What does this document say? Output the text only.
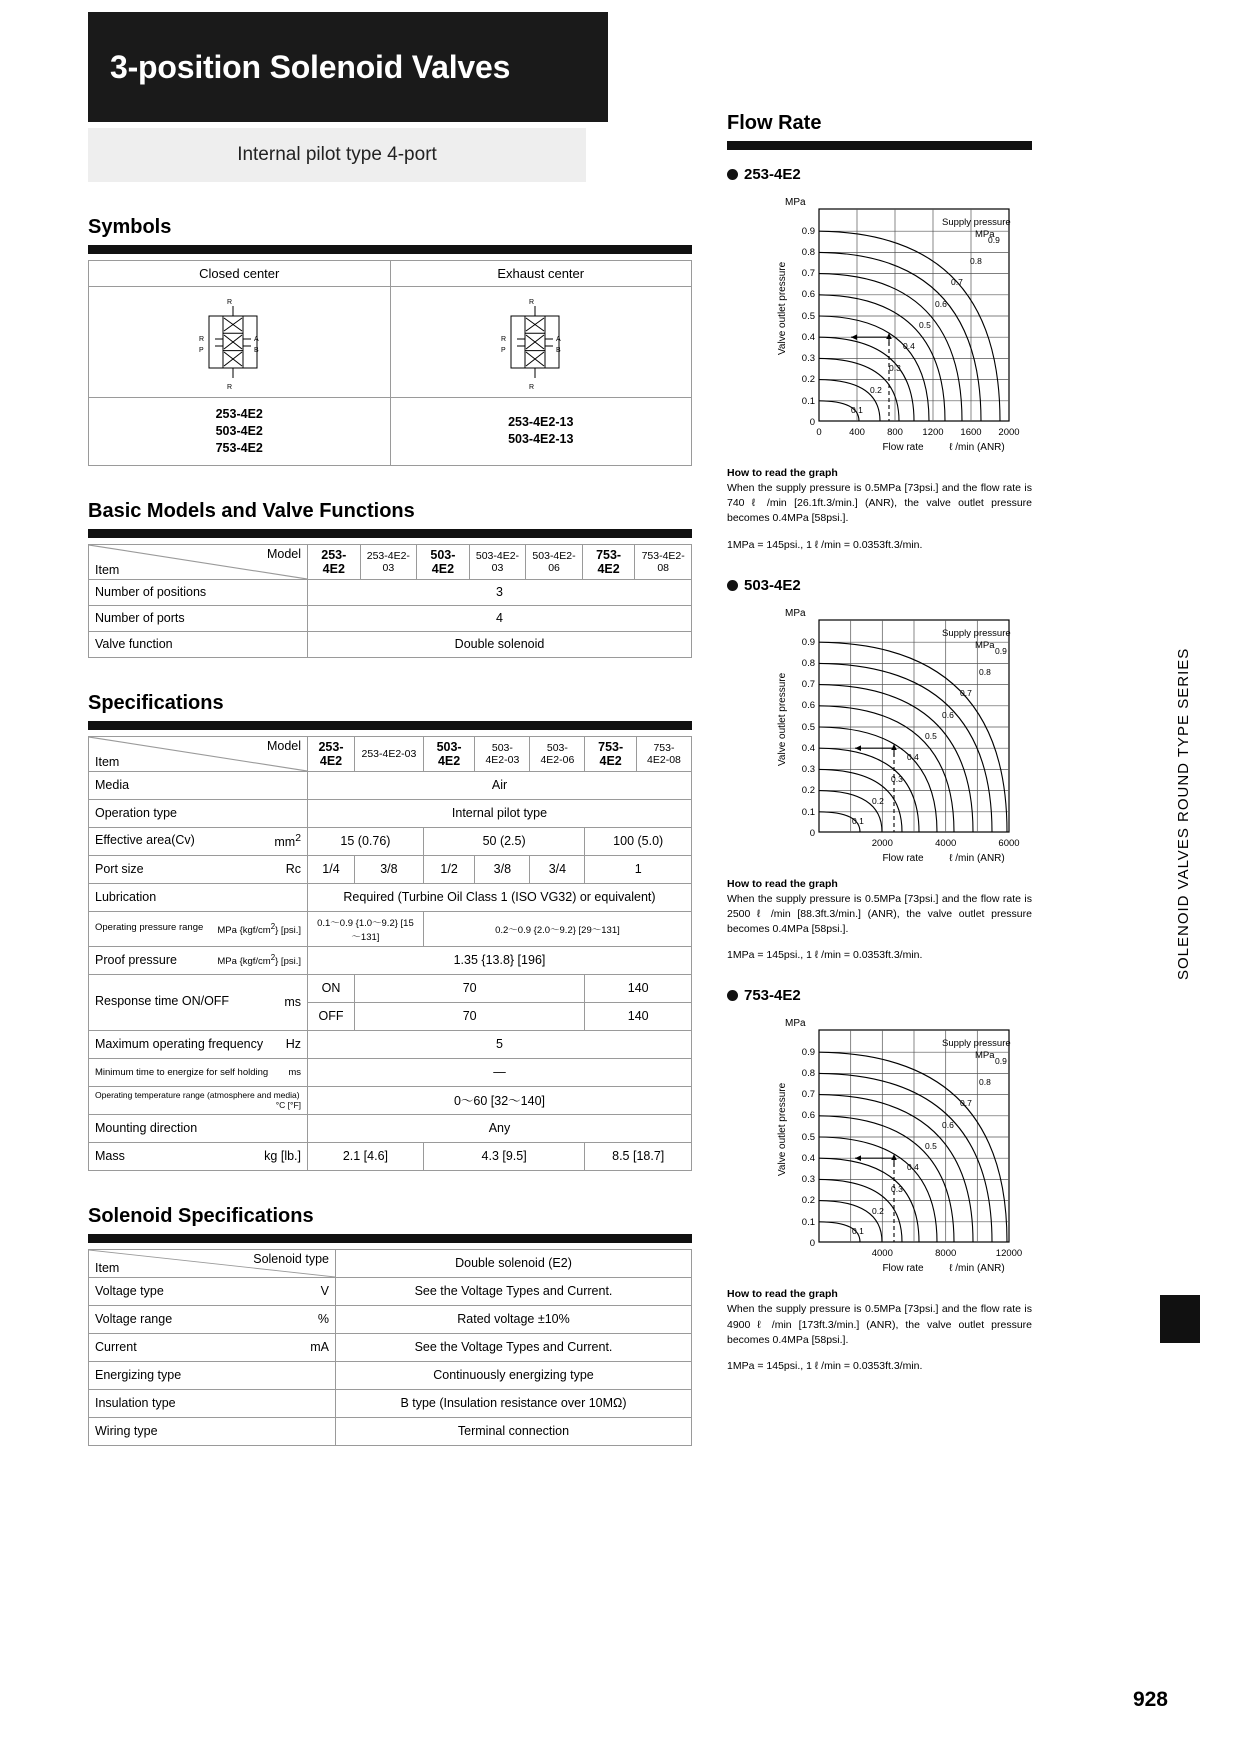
3-position Solenoid Valves
Internal pilot type 4-port
Symbols
Closed center	Exhaust center

R
P
A
B
R
R

R
P
A
B
R
R

253-4E2
503-4E2
753-4E2

253-4E2-13
503-4E2-13
Basic Models and Valve Functions
Item
Model	253-4E2	253-4E2-03	503-4E2	503-4E2-03	503-4E2-06	753-4E2	753-4E2-08
Number of positions	3						
Number of ports	4						
Valve function	Double solenoid						
Specifications
Item
Model	253-4E2	253-4E2-03	503-4E2	503-4E2-03	503-4E2-06	753-4E2	753-4E2-08
Media	Air						
Operation type	Internal pilot type						
Effective area(Cv) $mm^2$	15 (0.76)		50 (2.5)			100 (5.0)	
Port size Rc	1/4	3/8	1/2	3/8	3/4	1	
Lubrication	Required (Turbine Oil Class 1 (ISO VG32) or equivalent)						
Operating pressure range MPa $\{kgf/cm^2\}$ [psi.]	0.1～0.9 {1.0～9.2} [15～131]		0.2～0.9 {2.0～9.2} [29～131]				
Proof pressure MPa $\{kgf/cm^2\}$ [psi.]	1.35 {13.8} [196]						

Response time ON/OFF ms	ON	70				140	
	OFF	70				140	
Maximum operating frequency Hz	5						
Minimum time to energize for self holding ms	—						
Operating temperature range (atmosphere and media)
°C [°F]	0～60 [32～140]						
Mounting direction	Any						
Mass kg [lb.]	2.1 [4.6]		4.3 [9.5]			8.5 [18.7]	
Solenoid Specifications
Item
Solenoid type	Double solenoid (E2)
Voltage type V	See the Voltage Types and Current.
Voltage range %	Rated voltage ±10%
Current mA	See the Voltage Types and Current.
Energizing type	Continuously energizing type
Insulation type	B type (Insulation resistance over 10MΩ)
Wiring type	Terminal connection
Flow Rate
253-4E2
MPa
0.9
0.8
0.7
0.6
0.5
0.4
0.3
0.2
0.1
0
0	400 800 1200 1600 2000
Valve outlet pressure
Flow rate	ℓ /min (ANR)
Supply pressure
MPa
0.1
0.2
0.3
0.4
0.5
0.6
0.7
0.8
0.9
How to read the graph
When the supply pressure is 0.5MPa [73psi.] and the flow rate is 740 ℓ /min [26.1ft.3/min.] (ANR), the valve outlet pressure becomes 0.4MPa [58psi.].
1MPa = 145psi., 1 ℓ /min = 0.0353ft.3/min.
503-4E2
MPa
0.9
0.8
0.7
0.6
0.5
0.4
0.3
0.2
0.1
0
2000	4000	6000
Valve outlet pressure
Flow rate	ℓ /min (ANR)
Supply pressure
MPa
0.1
0.2
0.3
0.4
0.5
0.6
0.7
0.8
0.9
How to read the graph
When the supply pressure is 0.5MPa [73psi.] and the flow rate is 2500 ℓ /min [88.3ft.3/min.] (ANR), the valve outlet pressure becomes 0.4MPa [58psi.].
1MPa = 145psi., 1 ℓ /min = 0.0353ft.3/min.
753-4E2
MPa
0.9
0.8
0.7
0.6
0.5
0.4
0.3
0.2
0.1
0
4000	8000	12000
Valve outlet pressure
Flow rate	ℓ /min (ANR)
Supply pressure
MPa
0.1
0.2
0.3
0.4
0.5
0.6
0.7
0.8
0.9
How to read the graph
When the supply pressure is 0.5MPa [73psi.] and the flow rate is 4900 ℓ /min [173ft.3/min.] (ANR), the valve outlet pressure becomes 0.4MPa [58psi.].
1MPa = 145psi., 1 ℓ /min = 0.0353ft.3/min.
SOLENOID VALVES ROUND TYPE SERIES
928
